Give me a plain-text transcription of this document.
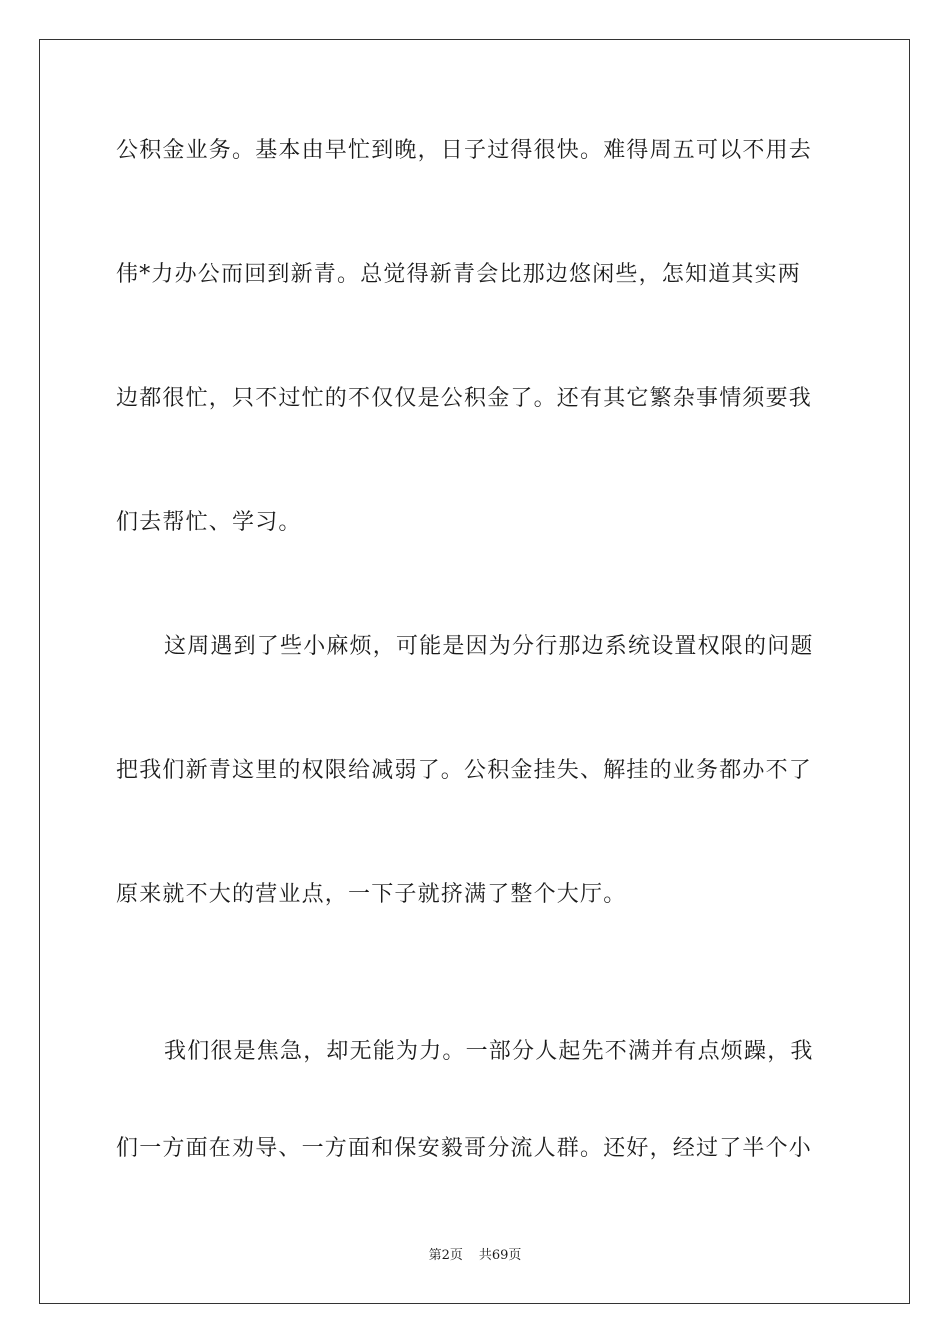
公积金业务。基本由早忙到晚，日子过得很快。难得周五可以不用去
伟*力办公而回到新青。总觉得新青会比那边悠闲些，怎知道其实两
边都很忙，只不过忙的不仅仅是公积金了。还有其它繁杂事情须要我
们去帮忙、学习。
这周遇到了些小麻烦，可能是因为分行那边系统设置权限的问题
把我们新青这里的权限给减弱了。公积金挂失、解挂的业务都办不了
原来就不大的营业点，一下子就挤满了整个大厅。
我们很是焦急，却无能为力。一部分人起先不满并有点烦躁，我
们一方面在劝导、一方面和保安毅哥分流人群。还好，经过了半个小
第2页 共69页
